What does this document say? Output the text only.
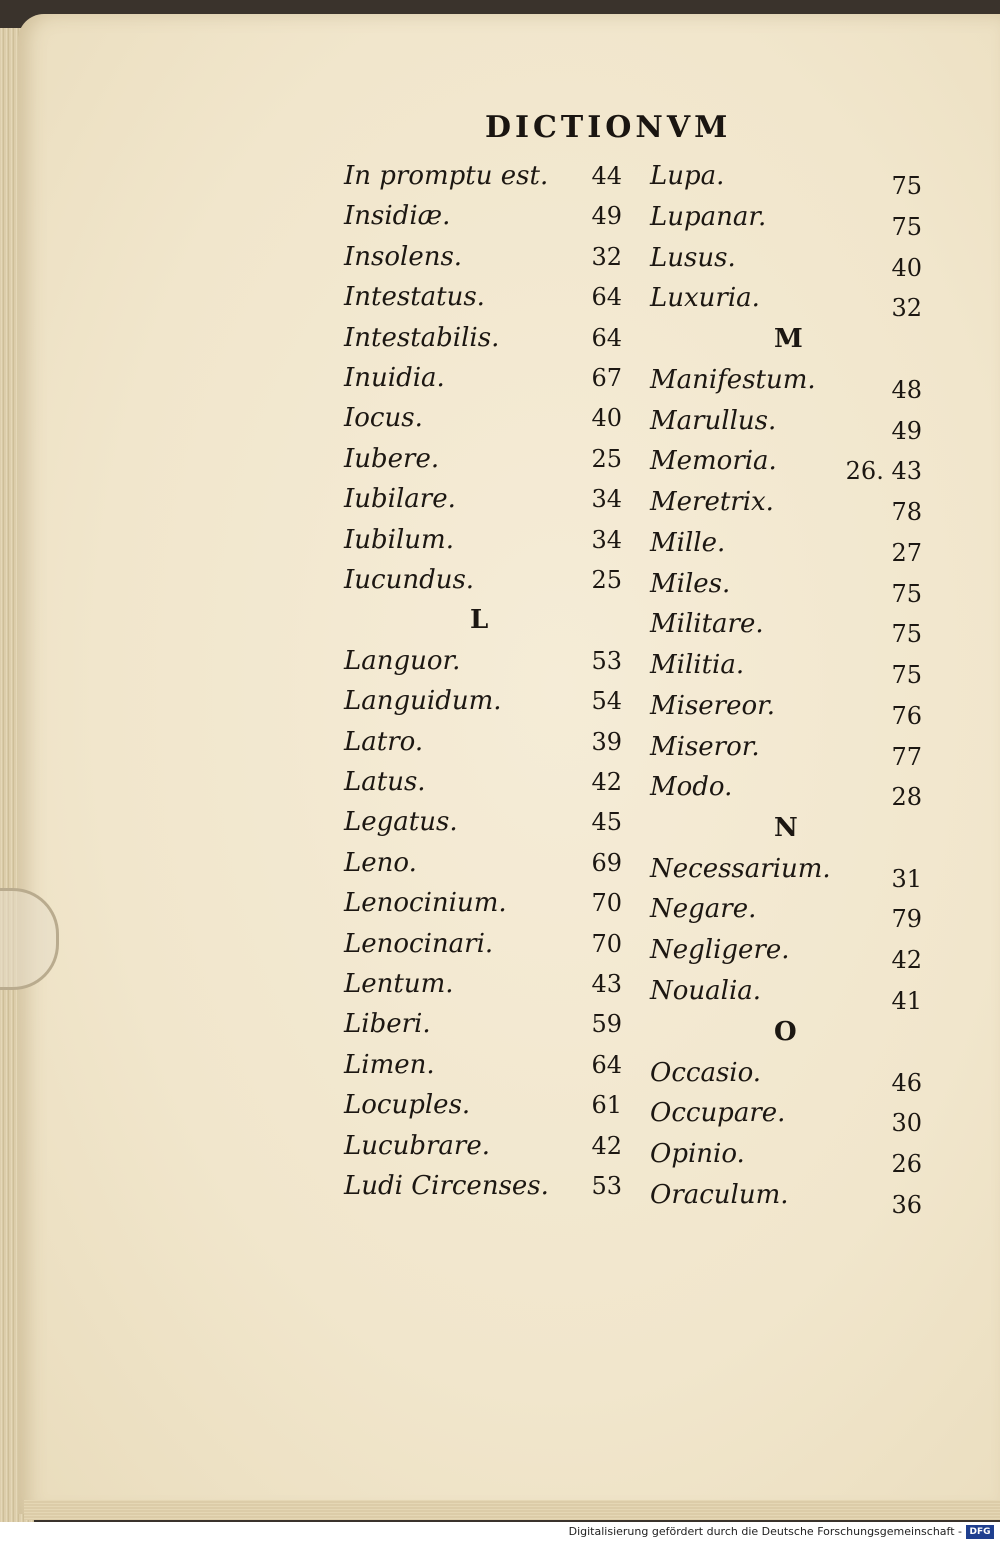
DICTIONVM
In promptu est.	44
Insidiæ.	49
Insolens.	32
Intestatus.	64
Intestabilis.	64
Inuidia.	67
Iocus.	40
Iubere.	25
Iubilare.	34
Iubilum.	34
Iucundus.	25
L
Languor.	53
Languidum.	54
Latro.	39
Latus.	42
Legatus.	45
Leno.	69
Lenocinium.	70
Lenocinari.	70
Lentum.	43
Liberi.	59
Limen.	64
Locuples.	61
Lucubrare.	42
Ludi Circenses.	53
Lupa.	75
Lupanar.	75
Lusus.	40
Luxuria.	32
M
Manifestum.	48
Marullus.	49
Memoria.	26. 43
Meretrix.	78
Mille.	27
Miles.	75
Militare.	75
Militia.	75
Misereor.	76
Miseror.	77
Modo.	28
N
Necessarium.	31
Negare.	79
Negligere.	42
Noualia.	41
O
Occasio.	46
Occupare.	30
Opinio.	26
Oraculum.	36
Digitalisierung gefördert durch die Deutsche Forschungsgemeinschaft - DFG
